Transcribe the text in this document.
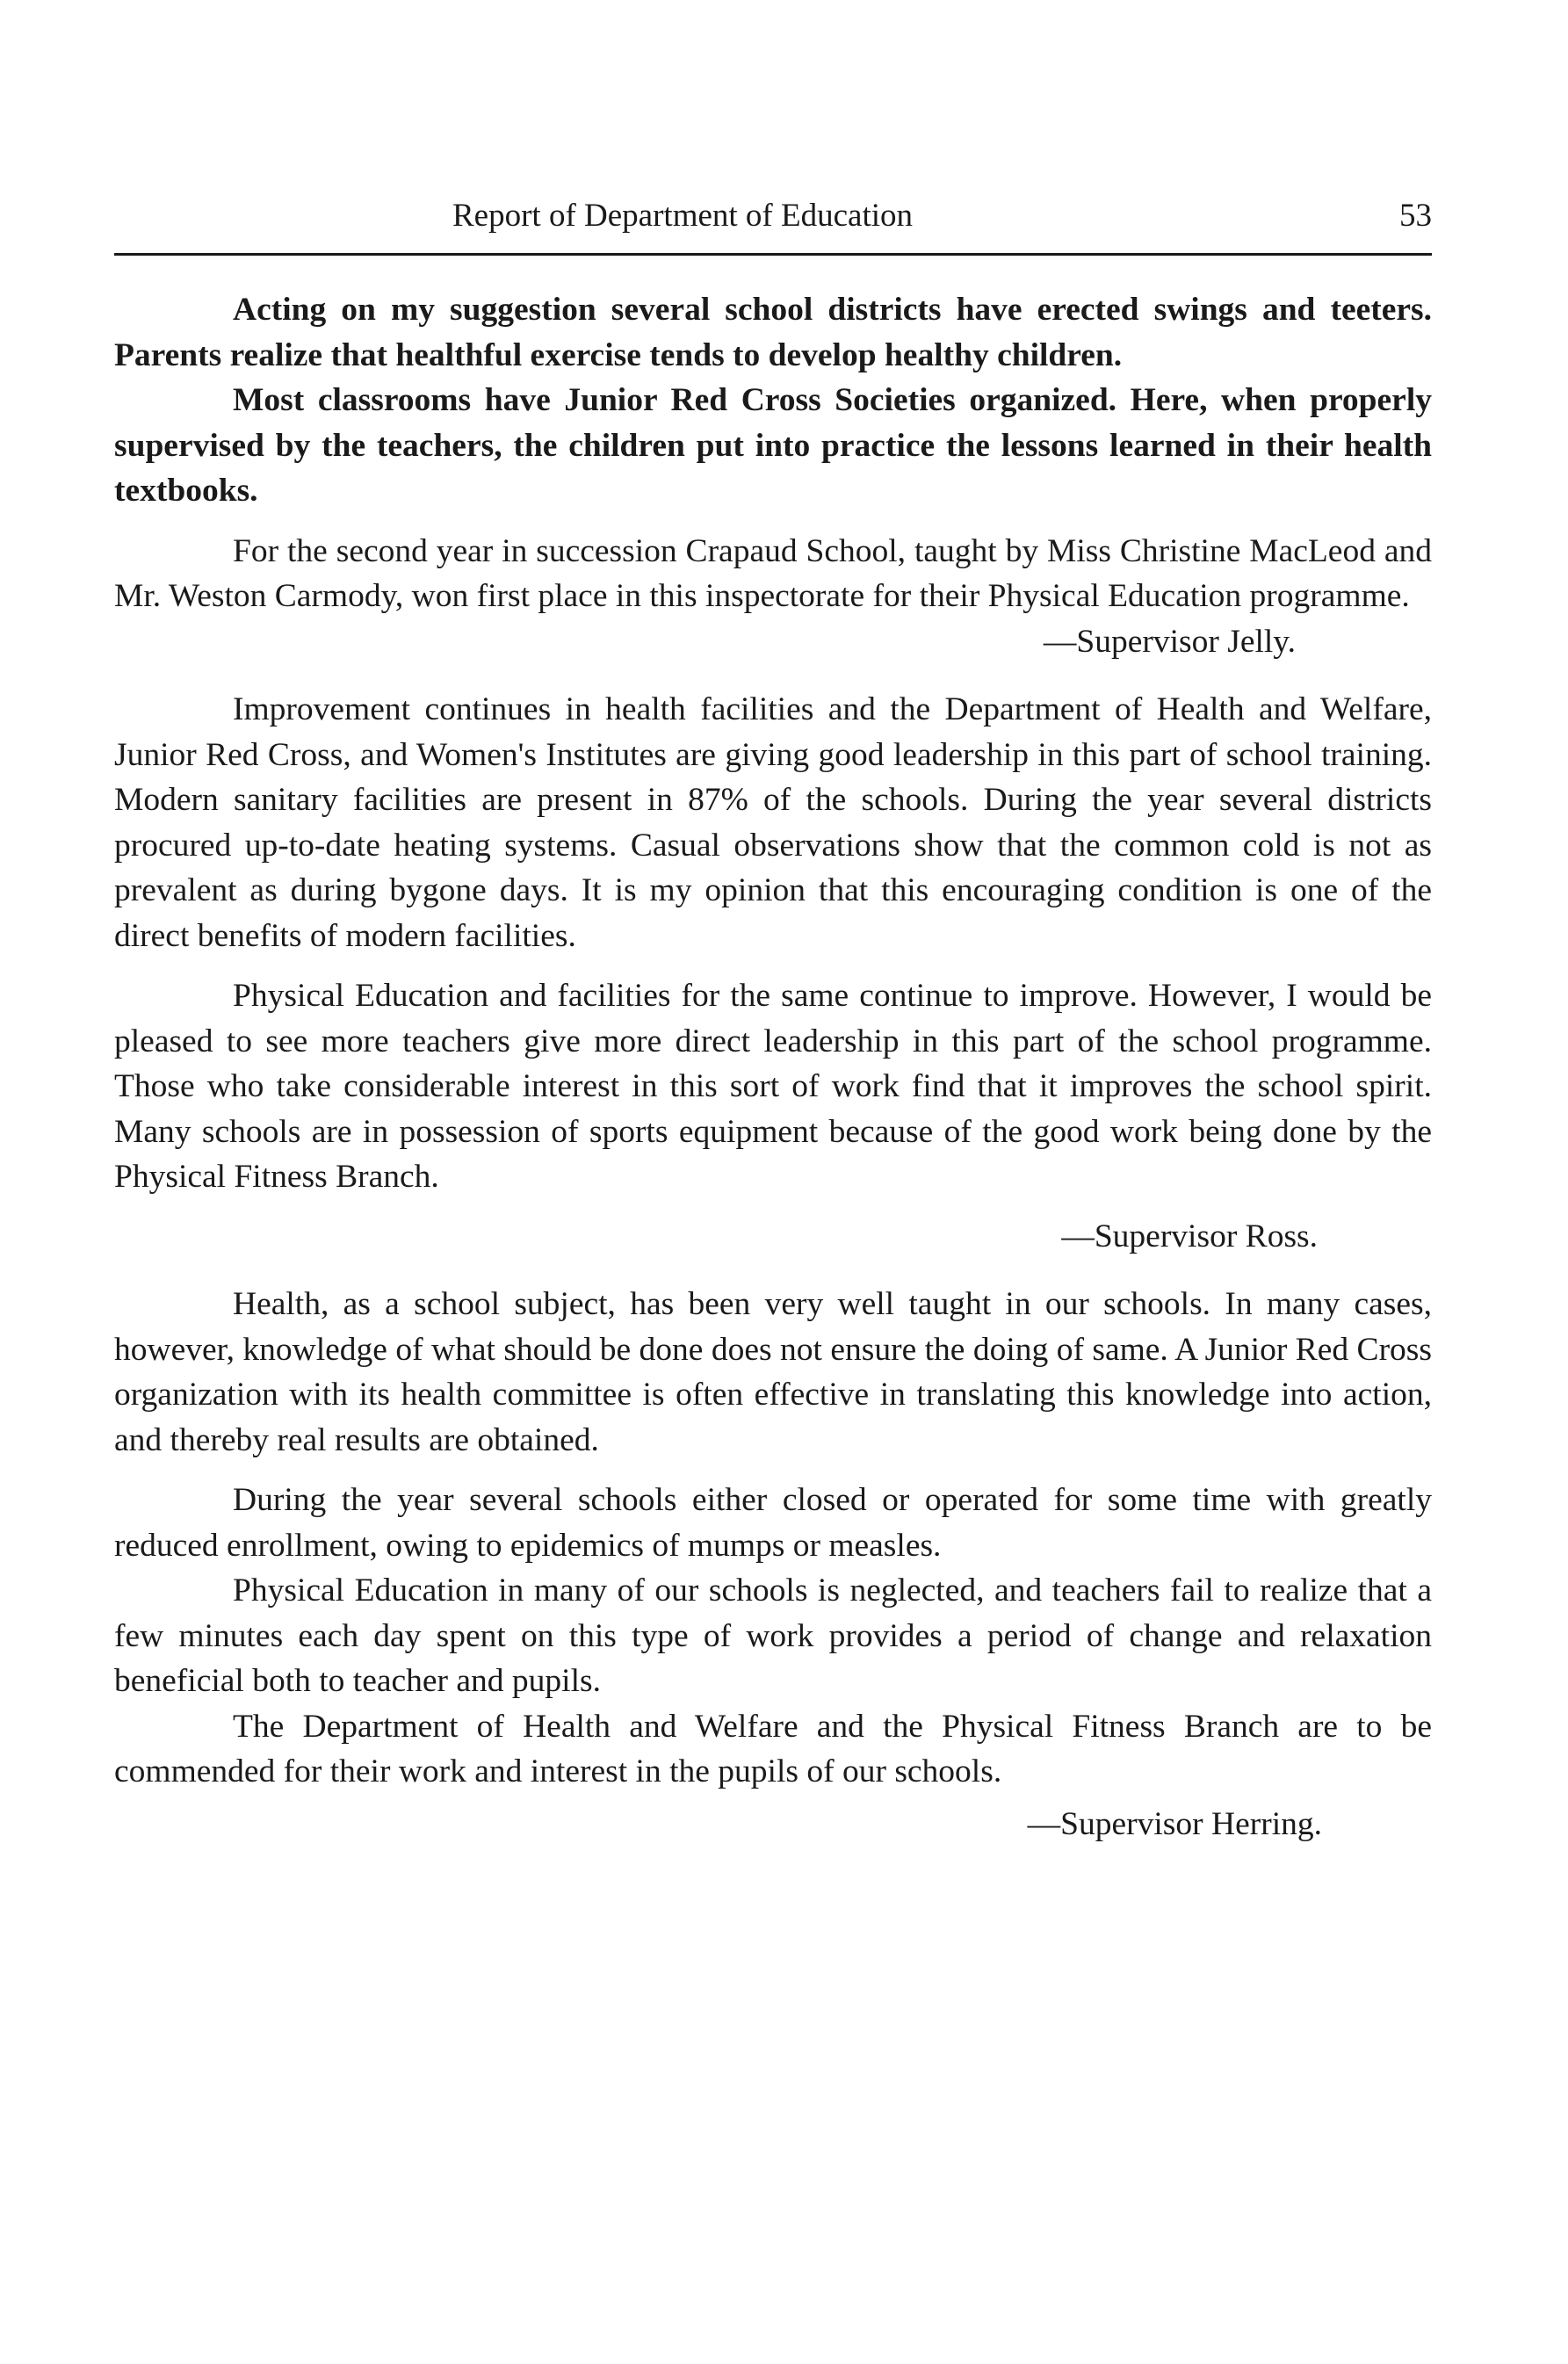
Report of Department of Education	53

Acting on my suggestion several school districts have erected swings and teeters. Parents realize that healthful exercise tends to develop healthy children.

Most classrooms have Junior Red Cross Societies organized. Here, when properly supervised by the teachers, the children put into practice the lessons learned in their health textbooks.

For the second year in succession Crapaud School, taught by Miss Christine MacLeod and Mr. Weston Carmody, won first place in this inspectorate for their Physical Education programme.

—Supervisor Jelly.

Improvement continues in health facilities and the Department of Health and Welfare, Junior Red Cross, and Women's Institutes are giving good leadership in this part of school training. Modern sanitary facilities are present in 87% of the schools. During the year several districts procured up-to-date heating systems. Casual observations show that the common cold is not as prevalent as during bygone days. It is my opinion that this encouraging condition is one of the direct benefits of modern facilities.

Physical Education and facilities for the same continue to improve. However, I would be pleased to see more teachers give more direct leadership in this part of the school programme. Those who take considerable interest in this sort of work find that it improves the school spirit. Many schools are in possession of sports equipment because of the good work being done by the Physical Fitness Branch.

—Supervisor Ross.

Health, as a school subject, has been very well taught in our schools. In many cases, however, knowledge of what should be done does not ensure the doing of same. A Junior Red Cross organization with its health committee is often effective in translating this knowledge into action, and thereby real results are obtained.

During the year several schools either closed or operated for some time with greatly reduced enrollment, owing to epidemics of mumps or measles.

Physical Education in many of our schools is neglected, and teachers fail to realize that a few minutes each day spent on this type of work provides a period of change and relaxation beneficial both to teacher and pupils.

The Department of Health and Welfare and the Physical Fitness Branch are to be commended for their work and interest in the pupils of our schools.

—Supervisor Herring.
